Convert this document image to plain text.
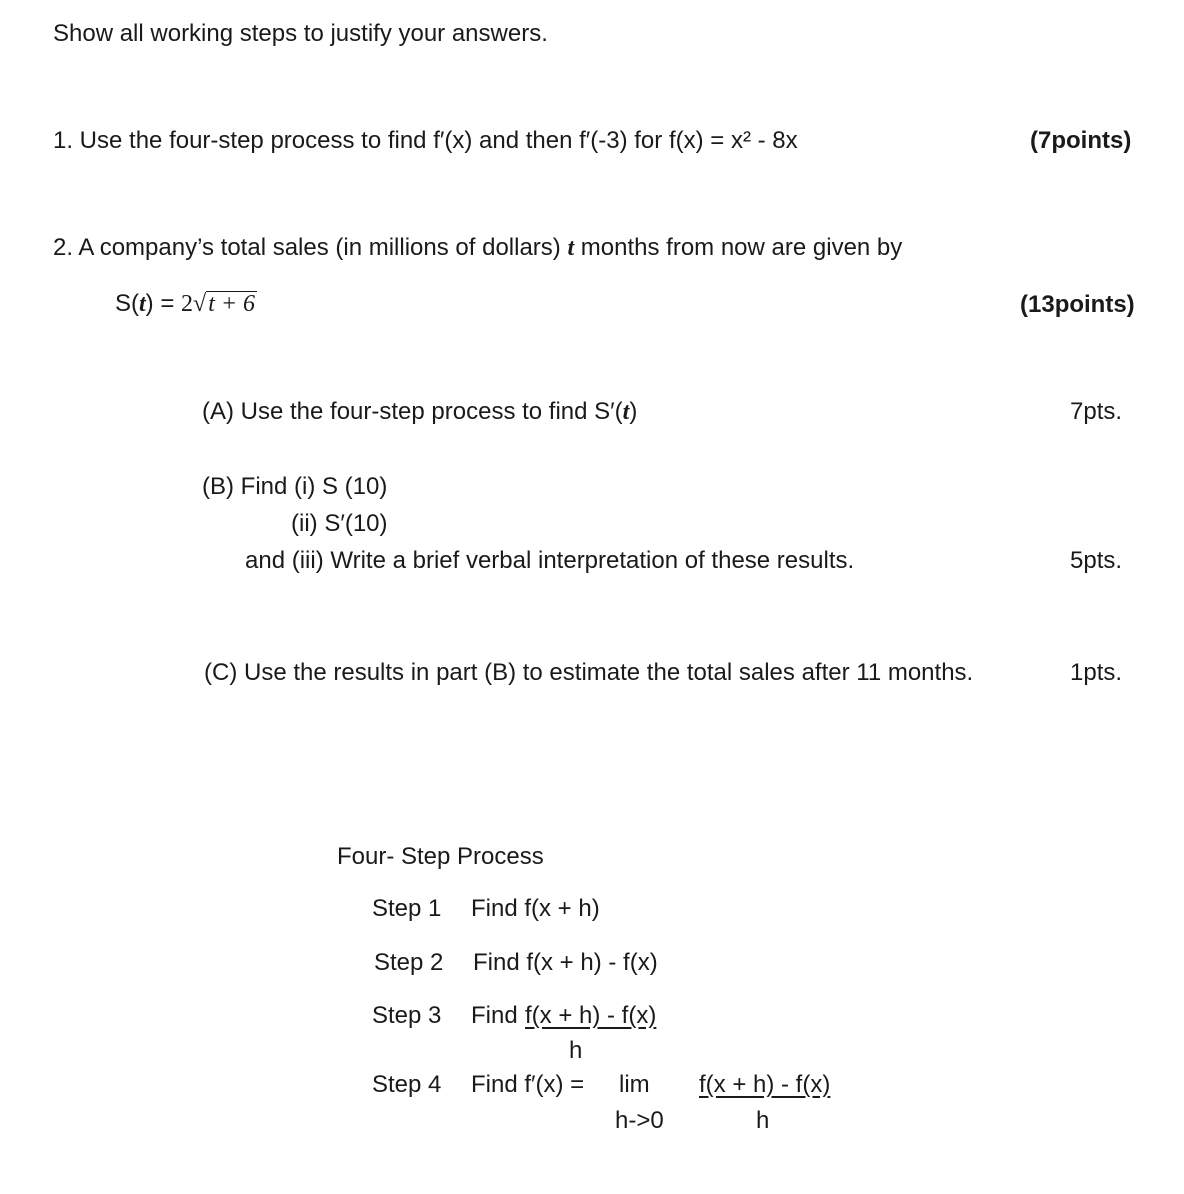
Show all working steps to justify your answers.
1. Use the four-step process to find f′(x) and then f′(-3) for f(x) = x² - 8x	(7points)
2. A company’s total sales (in millions of dollars) t months from now are given by
S(t) = 2√t + 6	(13points)
(A) Use the four-step process to find S′(t)	7pts.
(B) Find (i) S (10)
(ii) S′(10)
and (iii) Write a brief verbal interpretation of these results.	5pts.
(C) Use the results in part (B) to estimate the total sales after 11 months.	1pts.
Four- Step Process
Step 1 Find f(x + h)
Step 2 Find f(x + h) - f(x)
Step 3 Find f(x + h) - f(x)
h
Step 4 Find f′(x) = lim
h->0
f(x + h) - f(x)
h
